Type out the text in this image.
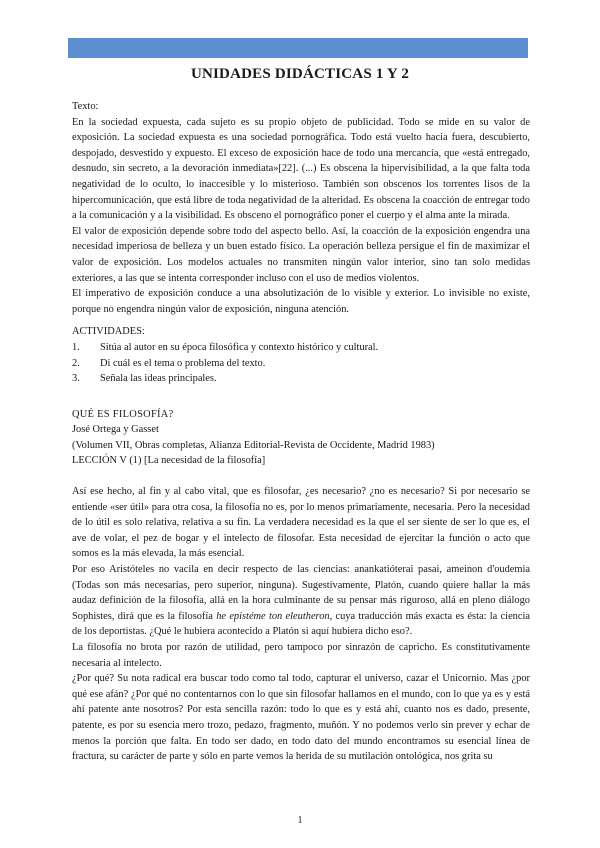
UNIDADES DIDÁCTICAS 1 Y 2

Texto:

En la sociedad expuesta, cada sujeto es su propio objeto de publicidad. Todo se mide en su valor de exposición. La sociedad expuesta es una sociedad pornográfica. Todo está vuelto hacia fuera, descubierto, despojado, desvestido y expuesto. El exceso de exposición hace de todo una mercancía, que «está entregado, desnudo, sin secreto, a la devoración inmediata»[22]. (...) Es obscena la hipervisibilidad, a la que falta toda negatividad de lo oculto, lo inaccesible y lo misterioso. También son obscenos los torrentes lisos de la hipercomunicación, que está libre de toda negatividad de la alteridad. Es obscena la coacción de entregar todo a la comunicación y a la visibilidad. Es obsceno el pornográfico poner el cuerpo y el alma ante la mirada.

El valor de exposición depende sobre todo del aspecto bello. Así, la coacción de la exposición engendra una necesidad imperiosa de belleza y un buen estado físico. La operación belleza persigue el fin de maximizar el valor de exposición. Los modelos actuales no transmiten ningún valor interior, sino tan solo medidas exteriores, a las que se intenta corresponder incluso con el uso de medios violentos.

El imperativo de exposición conduce a una absolutización de lo visible y exterior. Lo invisible no existe, porque no engendra ningún valor de exposición, ninguna atención.

ACTIVIDADES:

1.	Sitúa al autor en su época filosófica y contexto histórico y cultural.
2.	Di cuál es el tema o problema del texto.
3.	Señala las ideas principales.

QUÉ ES FILOSOFÍA?

José Ortega y Gasset

(Volumen VII, Obras completas, Alianza Editorial-Revista de Occidente, Madrid 1983)

LECCIÓN V (1) [La necesidad de la filosofía]

Así ese hecho, al fin y al cabo vital, que es filosofar, ¿es necesario? ¿no es necesario? Si por necesario se entiende «ser útil» para otra cosa, la filosofía no es, por lo menos primariamente, necesaria. Pero la necesidad de lo útil es solo relativa, relativa a su fin. La verdadera necesidad es la que el ser siente de ser lo que es, el ave de volar, el pez de bogar y el intelecto de filosofar. Esta necesidad de ejercitar la función o acto que somos es la más elevada, la más esencial.

Por eso Aristóteles no vacila en decir respecto de las ciencias: anankatióterai pasai, ameinon d'oudemia (Todas son más necesarias, pero superior, ninguna). Sugestivamente, Platón, cuando quiere hallar la más audaz definición de la filosofía, allá en la hora culminante de su pensar más riguroso, allá en pleno diálogo Sophistes, dirá que es la filosofía he epistéme ton eleutheron, cuya traducción más exacta es ésta: la ciencia de los deportistas. ¿Qué le hubiera acontecido a Platón si aquí hubiera dicho eso?.

La filosofía no brota por razón de utilidad, pero tampoco por sinrazón de capricho. Es constitutivamente necesaria al intelecto.

¿Por qué? Su nota radical era buscar todo como tal todo, capturar el universo, cazar el Unicornio. Mas ¿por qué ese afán? ¿Por qué no contentarnos con lo que sin filosofar hallamos en el mundo, con lo que ya es y está ahí patente ante nosotros? Por esta sencilla razón: todo lo que es y está ahí, cuanto nos es dado, presente, patente, es por su esencia mero trozo, pedazo, fragmento, muñón. Y no podemos verlo sin prever y echar de menos la porción que falta. En todo ser dado, en todo dato del mundo encontramos su esencial línea de fractura, su carácter de parte y sólo en parte vemos la herida de su mutilación ontológica, nos grita su

1
